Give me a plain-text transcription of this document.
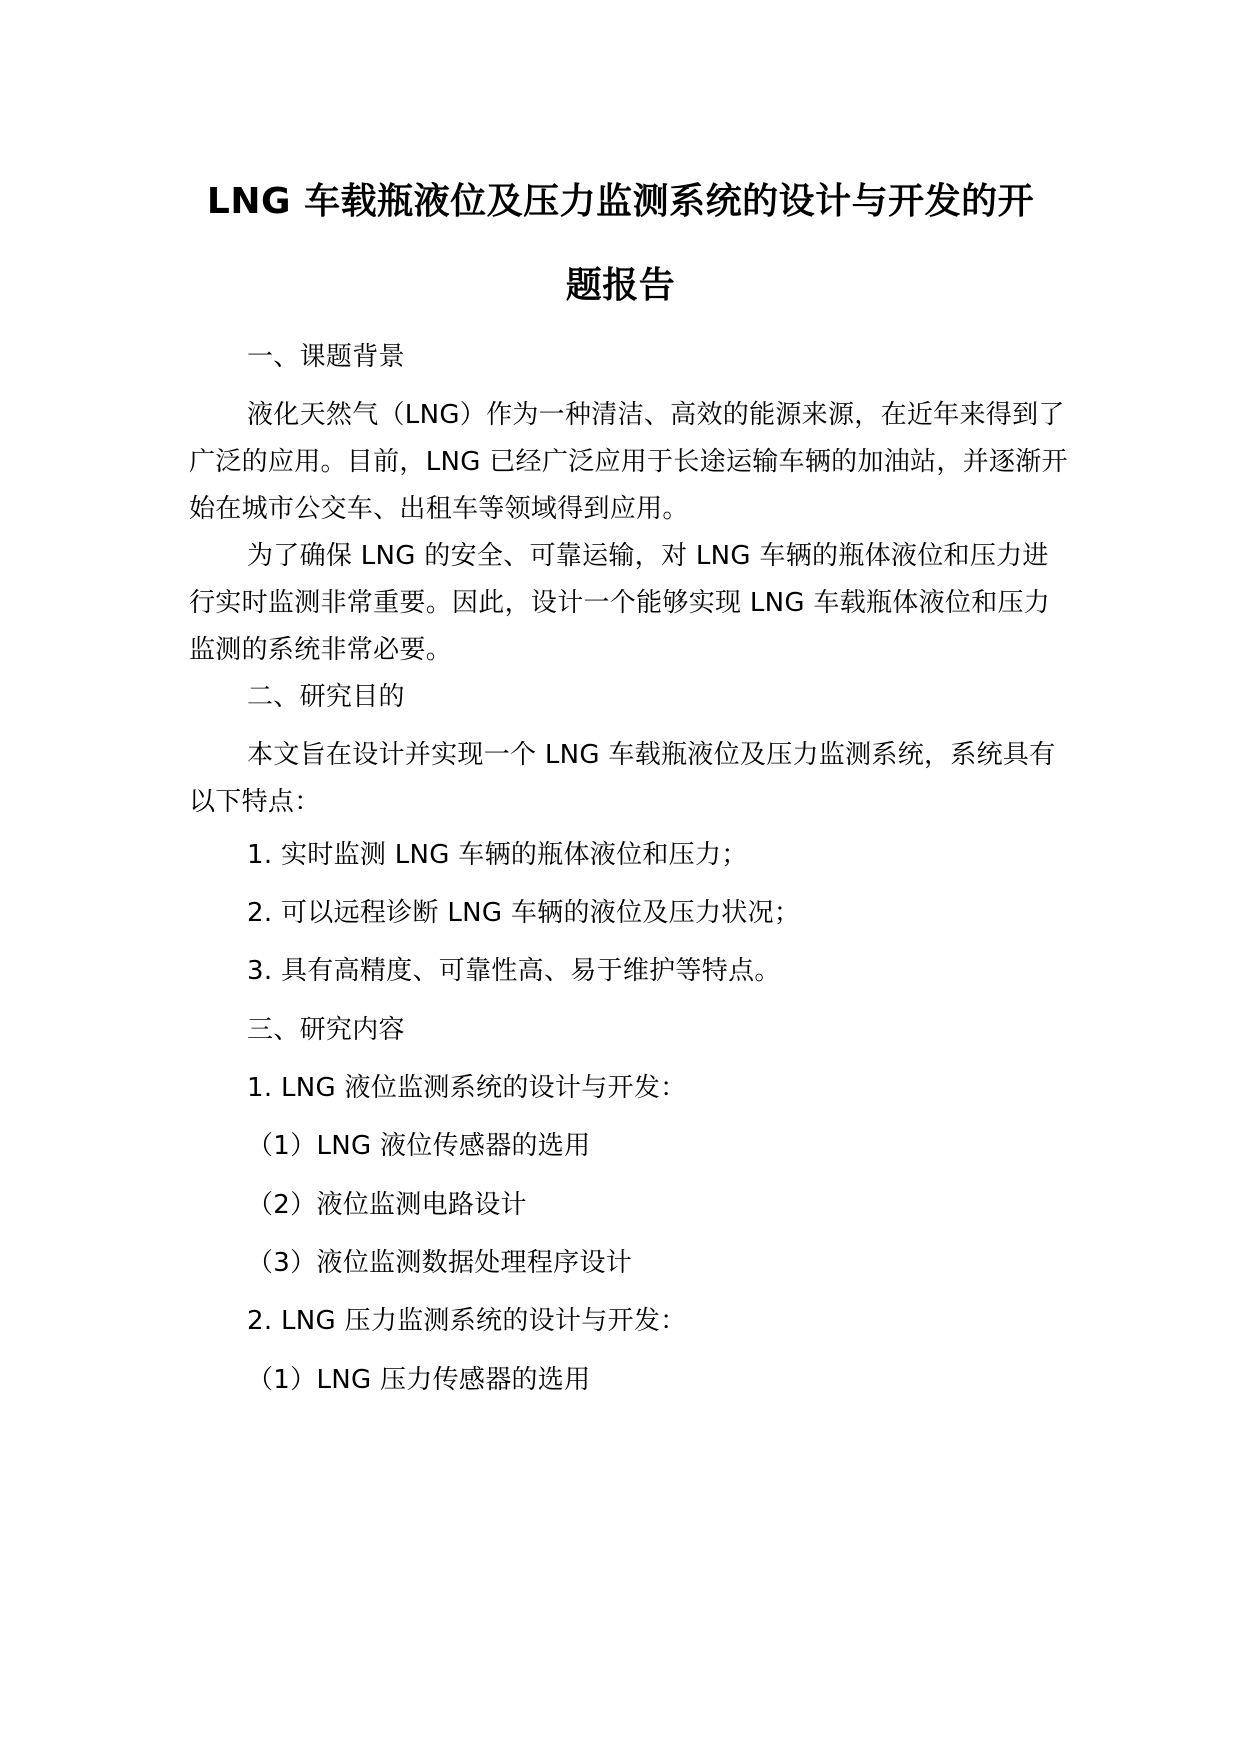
LNG 车载瓶液位及压力监测系统的设计与开发的开
题报告
一、课题背景
液化天然气（LNG）作为一种清洁、高效的能源来源，在近年来得到了广泛的应用。目前，LNG 已经广泛应用于长途运输车辆的加油站，并逐渐开始在城市公交车、出租车等领域得到应用。
为了确保 LNG 的安全、可靠运输，对 LNG 车辆的瓶体液位和压力进行实时监测非常重要。因此，设计一个能够实现 LNG 车载瓶体液位和压力监测的系统非常必要。
二、研究目的
本文旨在设计并实现一个 LNG 车载瓶液位及压力监测系统，系统具有以下特点：
1. 实时监测 LNG 车辆的瓶体液位和压力；
2. 可以远程诊断 LNG 车辆的液位及压力状况；
3. 具有高精度、可靠性高、易于维护等特点。
三、研究内容
1. LNG 液位监测系统的设计与开发：
（1）LNG 液位传感器的选用
（2）液位监测电路设计
（3）液位监测数据处理程序设计
2. LNG 压力监测系统的设计与开发：
（1）LNG 压力传感器的选用
